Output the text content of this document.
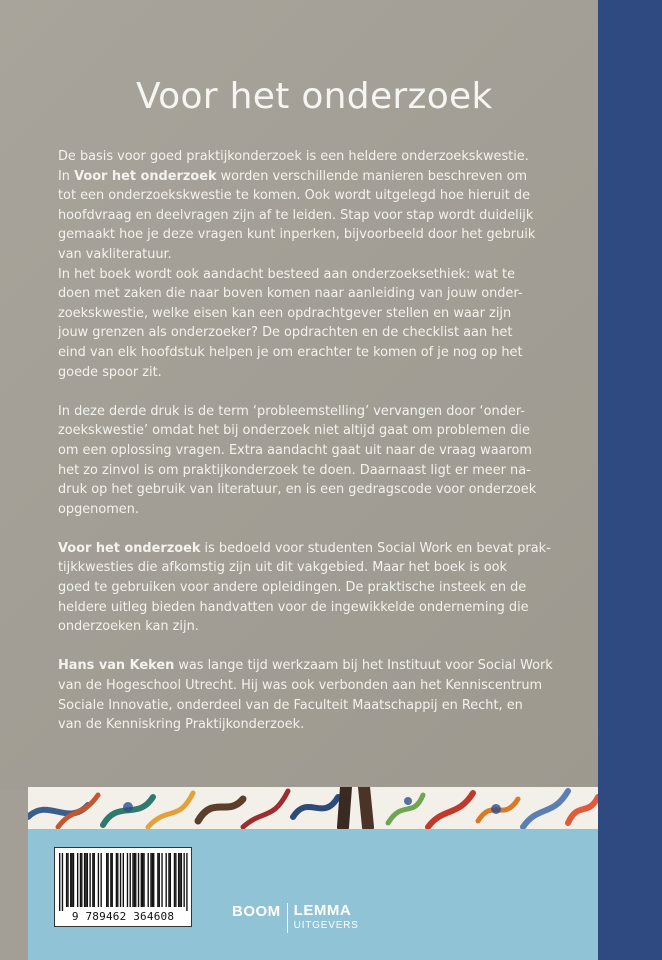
Voor het onderzoek

De basis voor goed praktijkonderzoek is een heldere onderzoekskwestie.
In Voor het onderzoek worden verschillende manieren beschreven om
tot een onderzoekskwestie te komen. Ook wordt uitgelegd hoe hieruit de
hoofdvraag en deelvragen zijn af te leiden. Stap voor stap wordt duidelijk
gemaakt hoe je deze vragen kunt inperken, bijvoorbeeld door het gebruik
van vakliteratuur.
In het boek wordt ook aandacht besteed aan onderzoeksethiek: wat te
doen met zaken die naar boven komen naar aanleiding van jouw onder-
zoekskwestie, welke eisen kan een opdrachtgever stellen en waar zijn
jouw grenzen als onderzoeker? De opdrachten en de checklist aan het
eind van elk hoofdstuk helpen je om erachter te komen of je nog op het
goede spoor zit.

In deze derde druk is de term ‘probleemstelling’ vervangen door ‘onder-
zoekskwestie’ omdat het bij onderzoek niet altijd gaat om problemen die
om een oplossing vragen. Extra aandacht gaat uit naar de vraag waarom
het zo zinvol is om praktijkonderzoek te doen. Daarnaast ligt er meer na-
druk op het gebruik van literatuur, en is een gedragscode voor onderzoek
opgenomen.

Voor het onderzoek is bedoeld voor studenten Social Work en bevat prak-
tijkkwesties die afkomstig zijn uit dit vakgebied. Maar het boek is ook
goed te gebruiken voor andere opleidingen. De praktische insteek en de
heldere uitleg bieden handvatten voor de ingewikkelde onderneming die
onderzoeken kan zijn.

Hans van Keken was lange tijd werkzaam bij het Instituut voor Social Work
van de Hogeschool Utrecht. Hij was ook verbonden aan het Kenniscentrum
Sociale Innovatie, onderdeel van de Faculteit Maatschappij en Recht, en
van de Kenniskring Praktijkonderzoek.

9 789462 364608	BOOM LEMMA
UITGEVERS
